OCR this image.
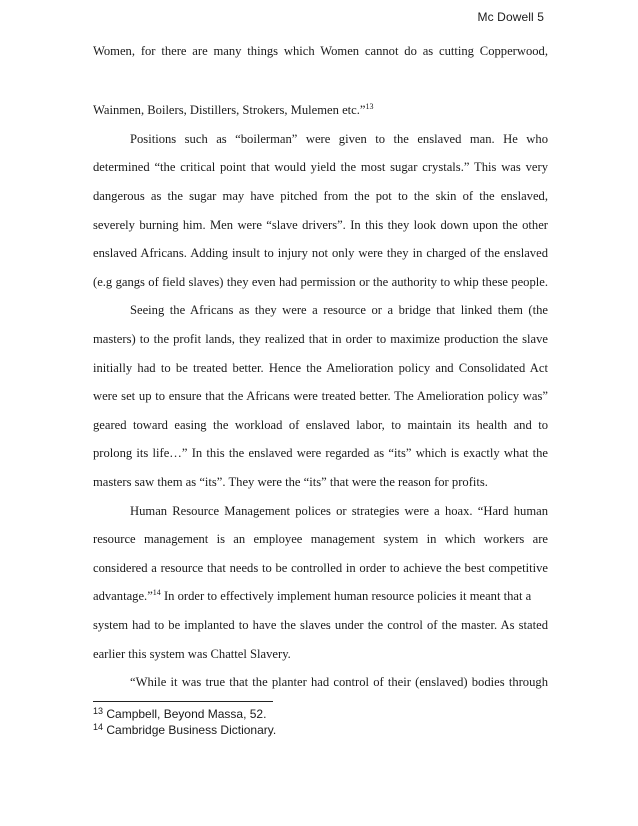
Mc Dowell 5
Women, for there are many things which Women cannot do as cutting Copperwood,
Wainmen, Boilers, Distillers, Strokers, Mulemen etc.”$^{13}$
Positions such as “boilerman” were given to the enslaved man. He who
determined “the critical point that would yield the most sugar crystals.” This was very
dangerous as the sugar may have pitched from the pot to the skin of the enslaved,
severely burning him. Men were “slave drivers”. In this they look down upon the other
enslaved Africans. Adding insult to injury not only were they in charged of the enslaved
(e.g gangs of field slaves) they even had permission or the authority to whip these people.
Seeing the Africans as they were a resource or a bridge that linked them (the
masters) to the profit lands, they realized that in order to maximize production the slave
initially had to be treated better. Hence the Amelioration policy and Consolidated Act
were set up to ensure that the Africans were treated better. The Amelioration policy was”
geared toward easing the workload of enslaved labor, to maintain its health and to
prolong its life…” In this the enslaved were regarded as “its” which is exactly what the
masters saw them as “its”. They were the “its” that were the reason for profits.
Human Resource Management polices or strategies were a hoax. “Hard human
resource management is an employee management system in which workers are
considered a resource that needs to be controlled in order to achieve the best competitive
advantage.”$^{14}$ In order to effectively implement human resource policies it meant that a
system had to be implanted to have the slaves under the control of the master. As stated
earlier this system was Chattel Slavery.
“While it was true that the planter had control of their (enslaved) bodies through
$^{13}$ Campbell, Beyond Massa, 52.
$^{14}$ Cambridge Business Dictionary.
